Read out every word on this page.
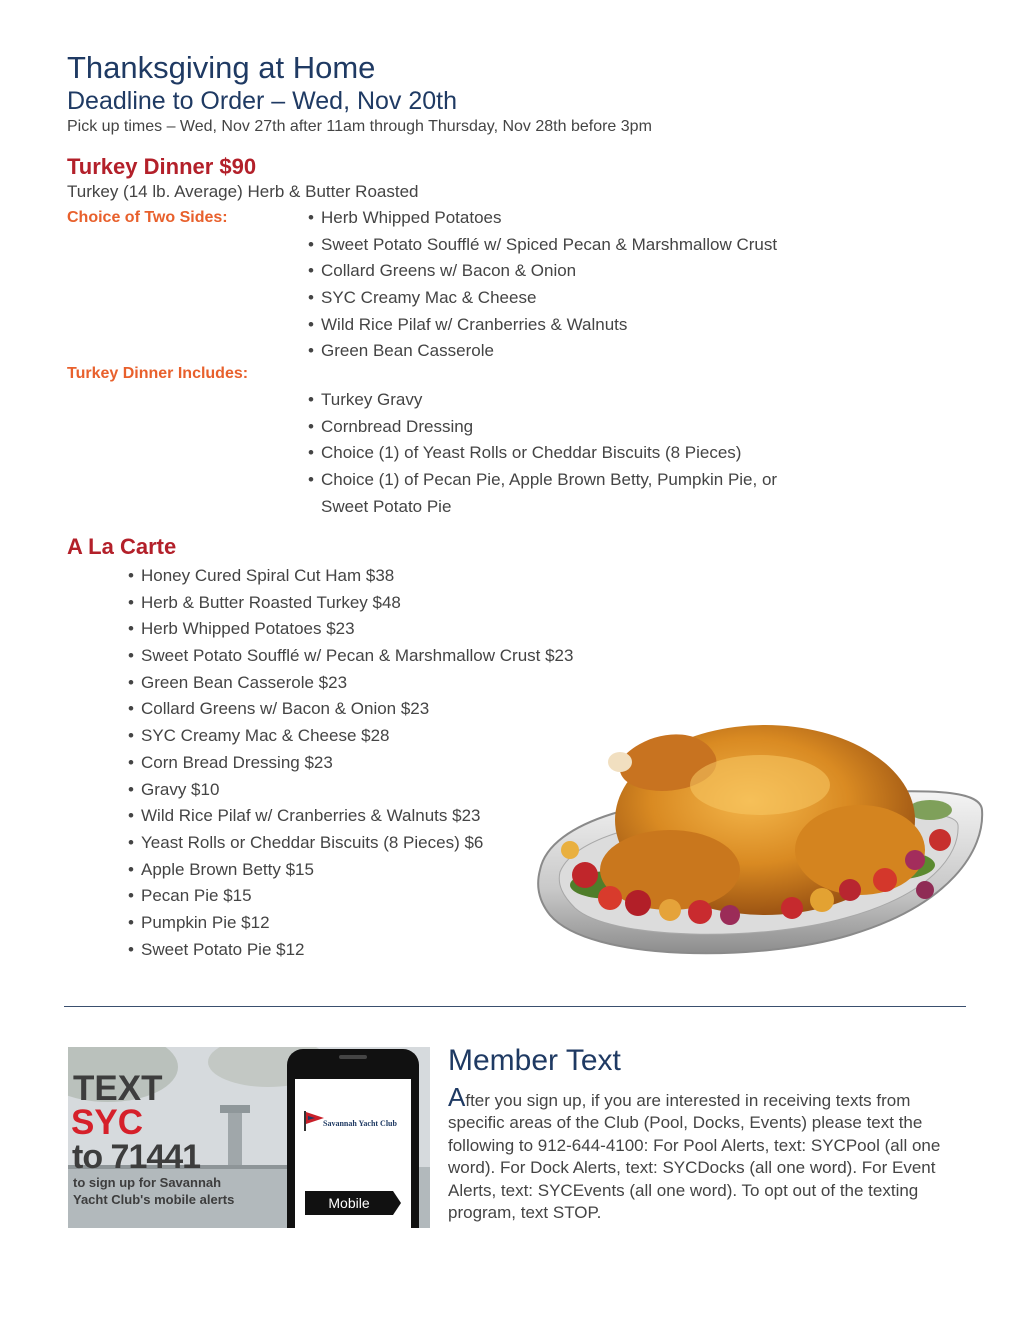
Thanksgiving at Home
Deadline to Order – Wed, Nov 20th
Pick up times – Wed, Nov 27th after 11am through Thursday, Nov 28th before 3pm
Turkey Dinner $90
Turkey (14 lb. Average) Herb & Butter Roasted
Choice of Two Sides:
•	Herb Whipped Potatoes
• Sweet Potato Soufflé w/ Spiced Pecan & Marshmallow Crust
• Collard Greens w/ Bacon & Onion
• SYC Creamy Mac & Cheese
• Wild Rice Pilaf w/ Cranberries & Walnuts
• Green Bean Casserole
Turkey Dinner Includes:
• Turkey Gravy
• Cornbread Dressing
• Choice (1) of Yeast Rolls or Cheddar Biscuits (8 Pieces)
• Choice (1) of Pecan Pie, Apple Brown Betty, Pumpkin Pie, or
Sweet Potato Pie
A La Carte
• Honey Cured Spiral Cut Ham $38
• Herb & Butter Roasted Turkey $48
• Herb Whipped Potatoes $23
• Sweet Potato Soufflé w/ Pecan & Marshmallow Crust $23
• Green Bean Casserole $23
• Collard Greens w/ Bacon & Onion $23
• SYC Creamy Mac & Cheese $28
• Corn Bread Dressing $23
• Gravy $10
• Wild Rice Pilaf w/ Cranberries & Walnuts $23
• Yeast Rolls or Cheddar Biscuits (8 Pieces) $6
• Apple Brown Betty $15
• Pecan Pie $15
• Pumpkin Pie $12
• Sweet Potato Pie $12
TEXT
SYC
to 71441
to sign up for Savannah
Yacht Club's mobile alerts
Savannah Yacht Club
Mobile
Member Text
After you sign up, if you are interested in receiving texts from specific areas of the Club (Pool, Docks, Events) please text the following to 912-644-4100: For Pool Alerts, text: SYCPool (all one word). For Dock Alerts, text: SYCDocks (all one word). For Event Alerts, text: SYCEvents (all one word). To opt out of the texting program, text STOP.
